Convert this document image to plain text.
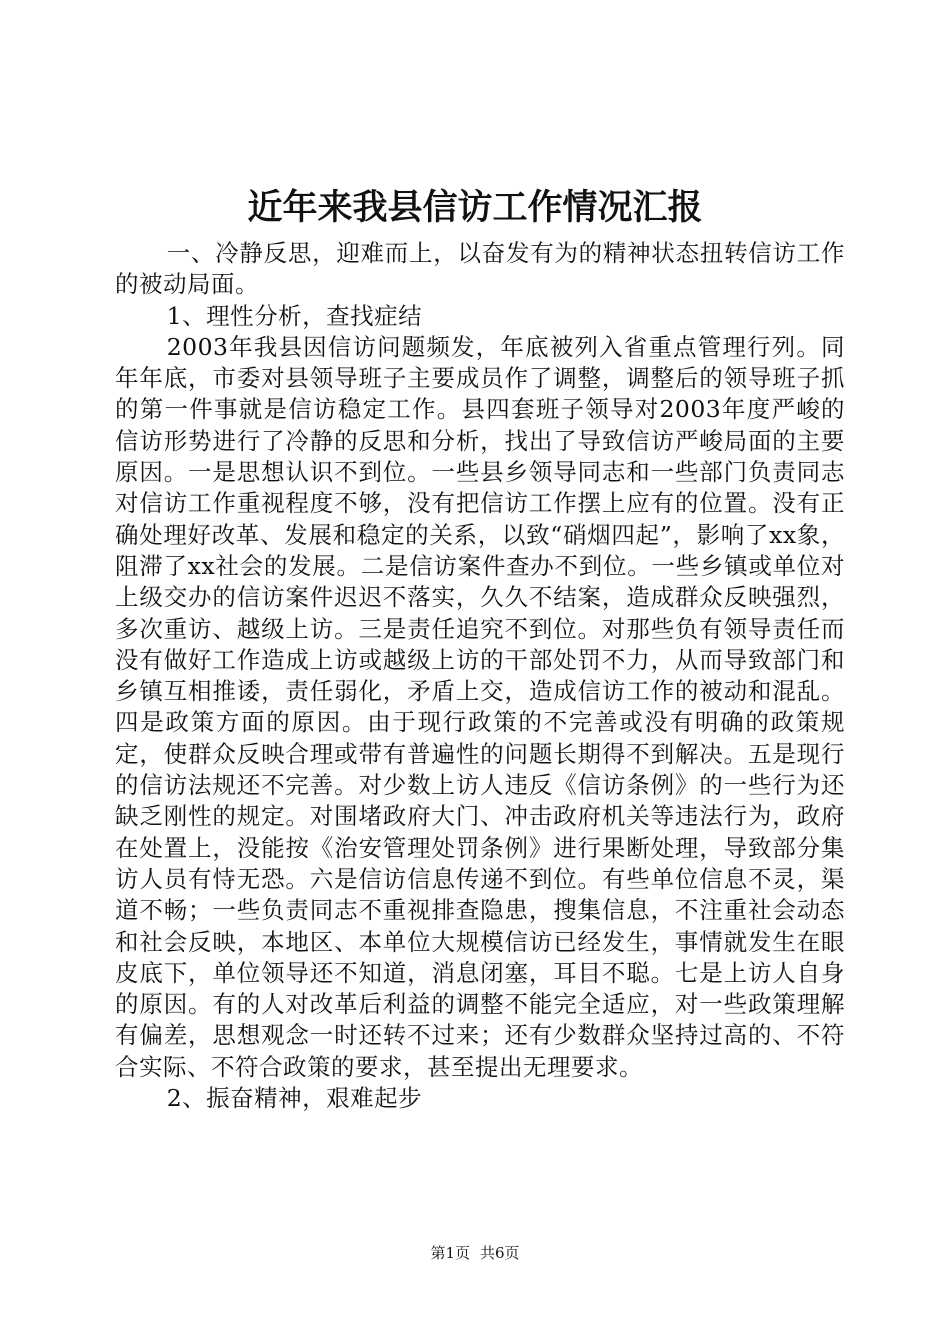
近年来我县信访工作情况汇报

一、冷静反思，迎难而上，以奋发有为的精神状态扭转信访工作的被动局面。

1、理性分析，查找症结

2003年我县因信访问题频发，年底被列入省重点管理行列。同年年底，市委对县领导班子主要成员作了调整，调整后的领导班子抓的第一件事就是信访稳定工作。县四套班子领导对2003年度严峻的信访形势进行了冷静的反思和分析，找出了导致信访严峻局面的主要原因。一是思想认识不到位。一些县乡领导同志和一些部门负责同志对信访工作重视程度不够，没有把信访工作摆上应有的位置。没有正确处理好改革、发展和稳定的关系，以致“硝烟四起”，影响了xx象，阻滞了xx社会的发展。二是信访案件查办不到位。一些乡镇或单位对上级交办的信访案件迟迟不落实，久久不结案，造成群众反映强烈，多次重访、越级上访。三是责任追究不到位。对那些负有领导责任而没有做好工作造成上访或越级上访的干部处罚不力，从而导致部门和乡镇互相推诿，责任弱化，矛盾上交，造成信访工作的被动和混乱。四是政策方面的原因。由于现行政策的不完善或没有明确的政策规定，使群众反映合理或带有普遍性的问题长期得不到解决。五是现行的信访法规还不完善。对少数上访人违反《信访条例》的一些行为还缺乏刚性的规定。对围堵政府大门、冲击政府机关等违法行为，政府在处置上，没能按《治安管理处罚条例》进行果断处理，导致部分集访人员有恃无恐。六是信访信息传递不到位。有些单位信息不灵，渠道不畅；一些负责同志不重视排查隐患，搜集信息，不注重社会动态和社会反映，本地区、本单位大规模信访已经发生，事情就发生在眼皮底下，单位领导还不知道，消息闭塞，耳目不聪。七是上访人自身的原因。有的人对改革后利益的调整不能完全适应，对一些政策理解有偏差，思想观念一时还转不过来；还有少数群众坚持过高的、不符合实际、不符合政策的要求，甚至提出无理要求。

2、振奋精神，艰难起步

第1页 共6页
